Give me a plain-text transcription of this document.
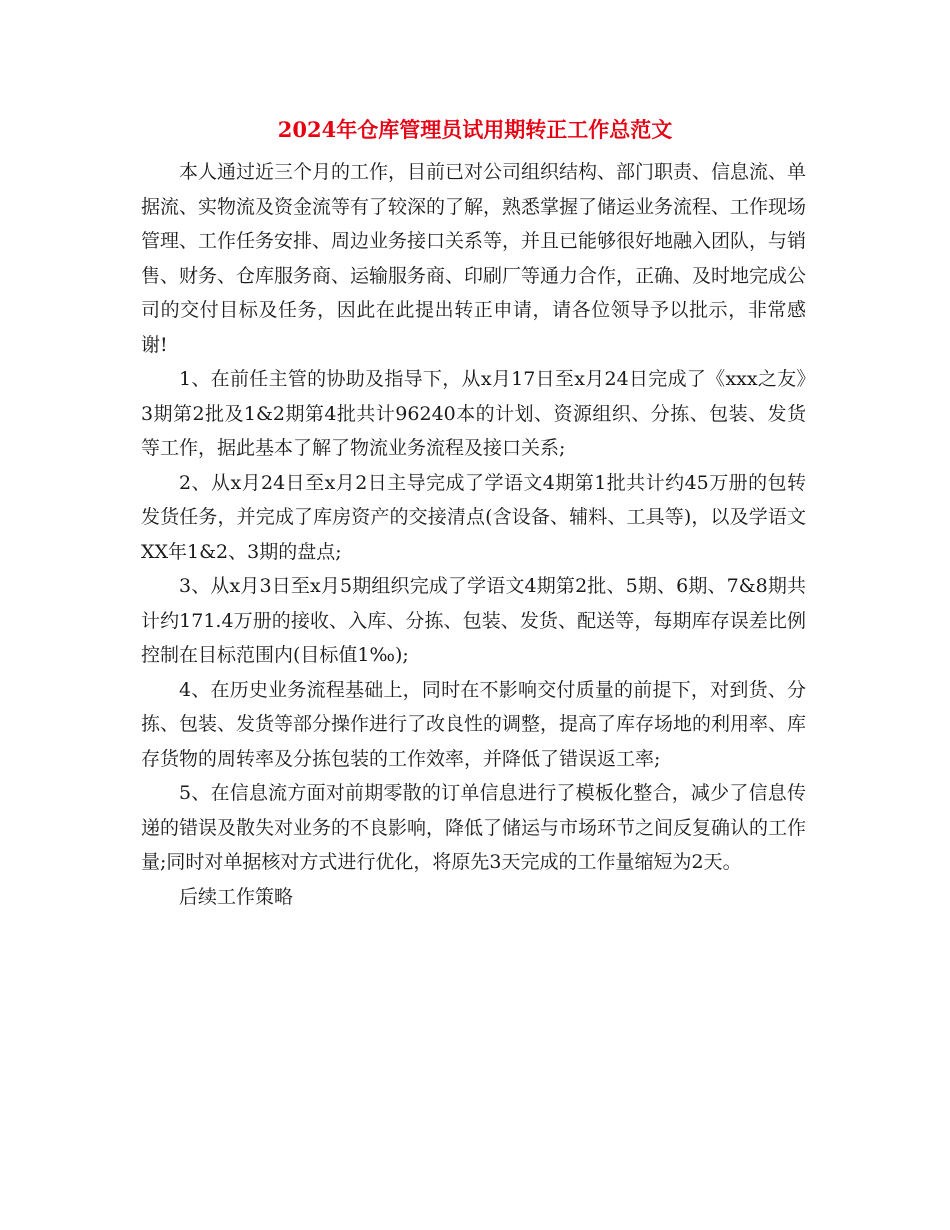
2024年仓库管理员试用期转正工作总范文

本人通过近三个月的工作，目前已对公司组织结构、部门职责、信息流、单据流、实物流及资金流等有了较深的了解，熟悉掌握了储运业务流程、工作现场管理、工作任务安排、周边业务接口关系等，并且已能够很好地融入团队，与销售、财务、仓库服务商、运输服务商、印刷厂等通力合作，正确、及时地完成公司的交付目标及任务，因此在此提出转正申请，请各位领导予以批示，非常感谢!

1、在前任主管的协助及指导下，从x月17日至x月24日完成了《xxx之友》3期第2批及1&2期第4批共计96240本的计划、资源组织、分拣、包装、发货等工作，据此基本了解了物流业务流程及接口关系;

2、从x月24日至x月2日主导完成了学语文4期第1批共计约45万册的包转发货任务，并完成了库房资产的交接清点(含设备、辅料、工具等)，以及学语文XX年1&2、3期的盘点;

3、从x月3日至x月5期组织完成了学语文4期第2批、5期、6期、7&8期共计约171.4万册的接收、入库、分拣、包装、发货、配送等，每期库存误差比例控制在目标范围内(目标值1‰);

4、在历史业务流程基础上，同时在不影响交付质量的前提下，对到货、分拣、包装、发货等部分操作进行了改良性的调整，提高了库存场地的利用率、库存货物的周转率及分拣包装的工作效率，并降低了错误返工率;

5、在信息流方面对前期零散的订单信息进行了模板化整合，减少了信息传递的错误及散失对业务的不良影响，降低了储运与市场环节之间反复确认的工作量;同时对单据核对方式进行优化，将原先3天完成的工作量缩短为2天。

后续工作策略
